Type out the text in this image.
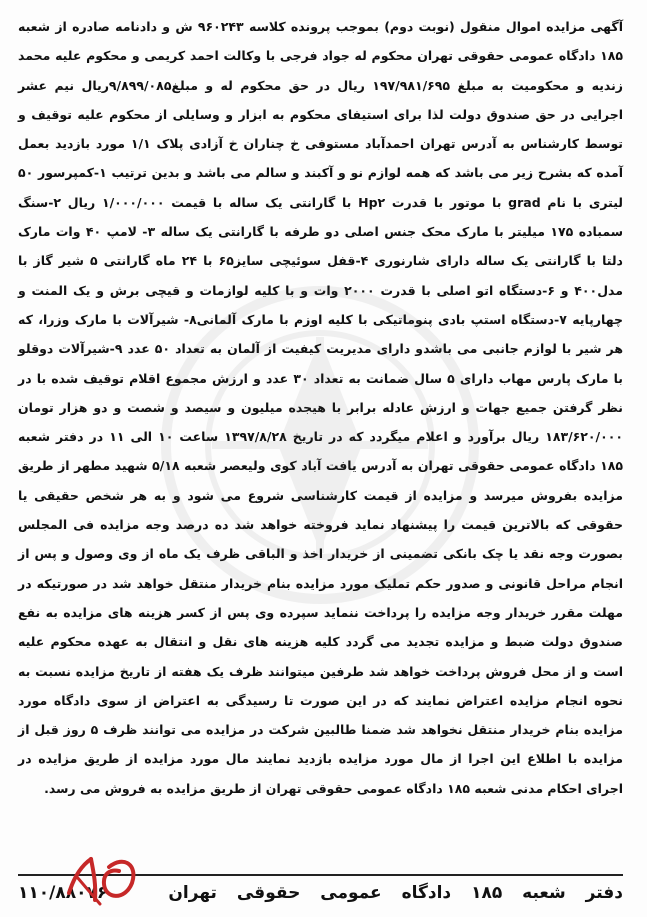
آگهی مزایده اموال منقول (نوبت دوم) بموجب پرونده کلاسه ۹۶۰۲۴۳ ش و دادنامه صادره از شعبه ۱۸۵ دادگاه عمومی حقوقی تهران محکوم له جواد فرجی با وکالت احمد کریمی و محکوم علیه محمد زندیه و محکومیت به مبلغ ۱۹۷/۹۸۱/۶۹۵ ریال در حق محکوم له و مبلغ۹/۸۹۹/۰۸۵ریال نیم عشر اجرایی در حق صندوق دولت لذا برای استیفای محکوم به ابزار و وسایلی از محکوم علیه توقیف و توسط کارشناس به آدرس تهران احمدآباد مستوفی خ چناران خ آزادی پلاک ۱/۱ مورد بازدید بعمل آمده که بشرح زیر می باشد که همه لوازم نو و آکبند و سالم می باشد و بدین ترتیب ۱-کمپرسور ۵۰ لیتری با نام grad با موتور با قدرت Hp۲ با گارانتی یک ساله با قیمت ۱/۰۰۰/۰۰۰ ریال ۲-سنگ سمباده ۱۷۵ میلیتر با مارک محک جنس اصلی دو طرفه با گارانتی یک ساله ۳- لامپ ۴۰ وات مارک دلتا با گارانتی یک ساله دارای شارنوری ۴-قفل سوئیچی سایز۶۵ با ۲۴ ماه گارانتی ۵ شیر گاز با مدل۴۰۰ و ۶-دستگاه اتو اصلی با قدرت ۲۰۰۰ وات و با کلیه لوازمات و قیچی برش و یک المنت و چهارپایه ۷-دستگاه استپ بادی پنوماتیکی با کلیه اوزم با مارک آلمانی۸- شیرآلات با مارک وزرا، که هر شیر با لوازم جانبی می باشدو دارای مدیریت کیفیت از آلمان به تعداد ۵۰ عدد ۹-شیرآلات دوقلو با مارک پارس مهاب دارای ۵ سال ضمانت به تعداد ۳۰ عدد و ارزش مجموع اقلام توقیف شده با در نظر گرفتن جمیع جهات و ارزش عادله برابر با هیجده میلیون و سیصد و شصت و دو هزار تومان ۱۸۳/۶۲۰/۰۰۰ ریال برآورد و اعلام میگردد که در تاریخ ۱۳۹۷/۸/۲۸ ساعت ۱۰ الی ۱۱ در دفتر شعبه ۱۸۵ دادگاه عمومی حقوقی تهران به آدرس یافت آباد کوی ولیعصر شعبه ۵/۱۸ شهید مطهر از طریق مزایده بفروش میرسد و مزایده از قیمت کارشناسی شروع می شود و به هر شخص حقیقی یا حقوقی که بالاترین قیمت را پیشنهاد نماید فروخته خواهد شد ده درصد وجه مزایده فی المجلس بصورت وجه نقد یا چک بانکی تضمینی از خریدار اخذ و الباقی ظرف یک ماه از وی وصول و پس از انجام مراحل قانونی و صدور حکم تملیک مورد مزایده بنام خریدار منتقل خواهد شد در صورتیکه در مهلت مقرر خریدار وجه مزایده را پرداخت ننماید سپرده وی پس از کسر هزینه های مزایده به نفع صندوق دولت ضبط و مزایده تجدید می گردد کلیه هزینه های نقل و انتقال به عهده محکوم علیه است و از محل فروش پرداخت خواهد شد طرفین میتوانند ظرف یک هفته از تاریخ مزایده نسبت به نحوه انجام مزایده اعتراض نمایند که در این صورت تا رسیدگی به اعتراض از سوی دادگاه مورد مزایده بنام خریدار منتقل نخواهد شد ضمنا طالبین شرکت در مزایده می توانند ظرف ۵ روز قبل از مزایده با اطلاع این اجرا از مال مورد مزایده بازدید نمایند مال مورد مزایده از طریق مزایده در اجرای احکام مدنی شعبه ۱۸۵ دادگاه عمومی حقوقی تهران از طریق مزایده به فروش می رسد.

دفتر شعبه ۱۸۵ دادگاه عمومی حقوقی تهران
۱۱۰/۸۸۰۷۶
